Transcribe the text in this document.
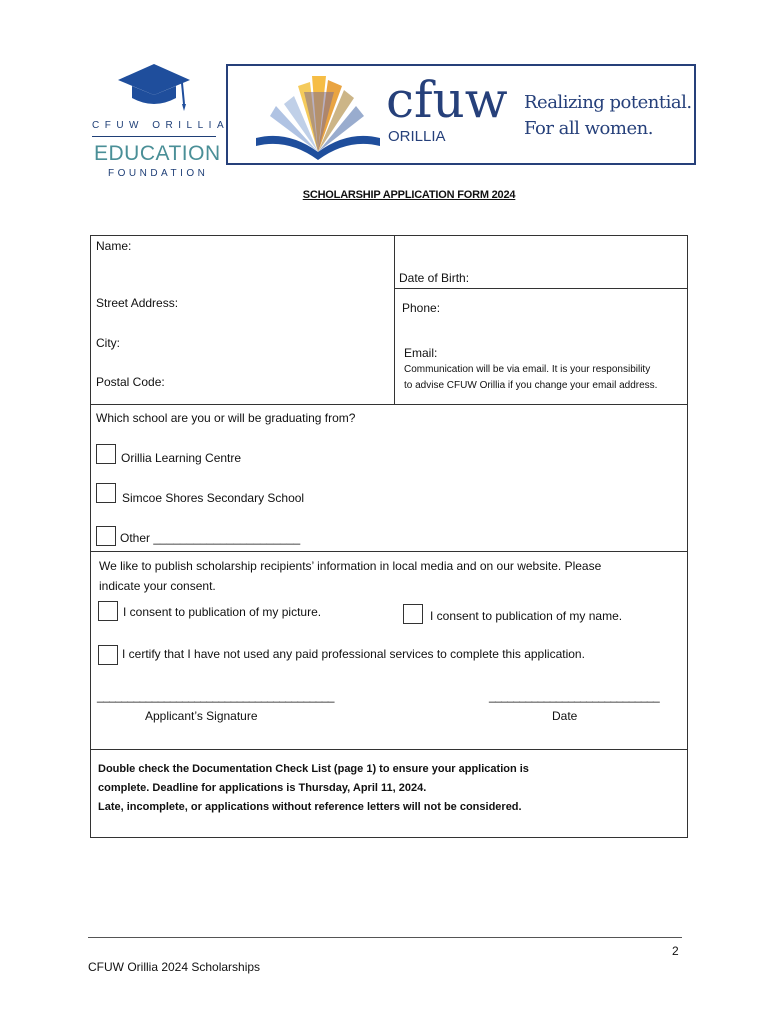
CFUW ORILLIA
EDUCATION
FOUNDATION
cfuw
ORILLIA
Realizing potential.
For all women.
SCHOLARSHIP APPLICATION FORM 2024
Name:
Date of Birth:
Street Address:	Phone:
City:
Email:
Postal Code:
Communication will be via email. It is your responsibility
to advise CFUW Orillia if you change your email address.
Which school are you or will be graduating from?
Orillia Learning Centre
Simcoe Shores Secondary School
Other ______________________
We like to publish scholarship recipients’ information in local media and on our website. Please
indicate your consent.
I consent to publication of my picture.	I consent to publication of my name.
I certify that I have not used any paid professional services to complete this application.
_______________________________________
Applicant’s Signature
____________________________
Date
Double check the Documentation Check List (page 1) to ensure your application is
complete. Deadline for applications is Thursday, April 11, 2024.
Late, incomplete, or applications without reference letters will not be considered.
2
CFUW Orillia 2024 Scholarships
